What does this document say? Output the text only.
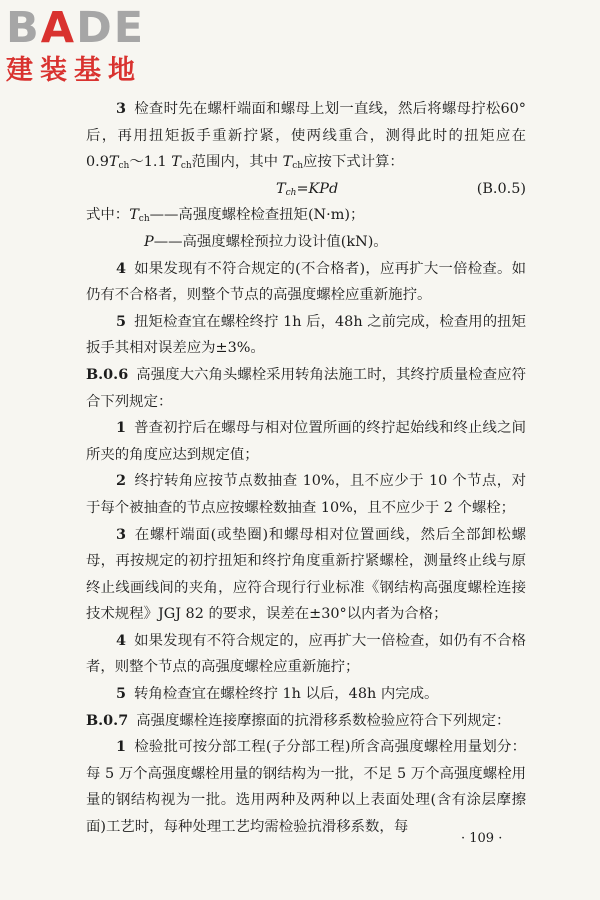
BADE
建装基地

3 检查时先在螺杆端面和螺母上划一直线，然后将螺母拧松60°后，再用扭矩扳手重新拧紧，使两线重合，测得此时的扭矩应在$0.9T_{ch}\sim 1.1$ $T_{ch}$范围内，其中 $T_{ch}$应按下式计算：

$T_{ch}=KPd$	(B.0.5)

式中：$T_{ch}——$高强度螺栓检查扭矩(N·m)；

P——高强度螺栓预拉力设计值(kN)。

4 如果发现有不符合规定的(不合格者)，应再扩大一倍检查。如仍有不合格者，则整个节点的高强度螺栓应重新施拧。

5 扭矩检查宜在螺栓终拧 1h 后，48h 之前完成，检查用的扭矩扳手其相对误差应为±3%。

B.0.6 高强度大六角头螺栓采用转角法施工时，其终拧质量检查应符合下列规定：

1 普查初拧后在螺母与相对位置所画的终拧起始线和终止线之间所夹的角度应达到规定值；

2 终拧转角应按节点数抽查 10%，且不应少于 10 个节点，对于每个被抽查的节点应按螺栓数抽查 10%，且不应少于 2 个螺栓；

3 在螺杆端面(或垫圈)和螺母相对位置画线，然后全部卸松螺母，再按规定的初拧扭矩和终拧角度重新拧紧螺栓，测量终止线与原终止线画线间的夹角，应符合现行行业标准《钢结构高强度螺栓连接技术规程》JGJ 82 的要求，误差在±30°以内者为合格；

4 如果发现有不符合规定的，应再扩大一倍检查，如仍有不合格者，则整个节点的高强度螺栓应重新施拧；

5 转角检查宜在螺栓终拧 1h 以后，48h 内完成。

B.0.7 高强度螺栓连接摩擦面的抗滑移系数检验应符合下列规定：

1 检验批可按分部工程(子分部工程)所含高强度螺栓用量划分：每 5 万个高强度螺栓用量的钢结构为一批，不足 5 万个高强度螺栓用量的钢结构视为一批。选用两种及两种以上表面处理(含有涂层摩擦面)工艺时，每种处理工艺均需检验抗滑移系数，每

· 109 ·
